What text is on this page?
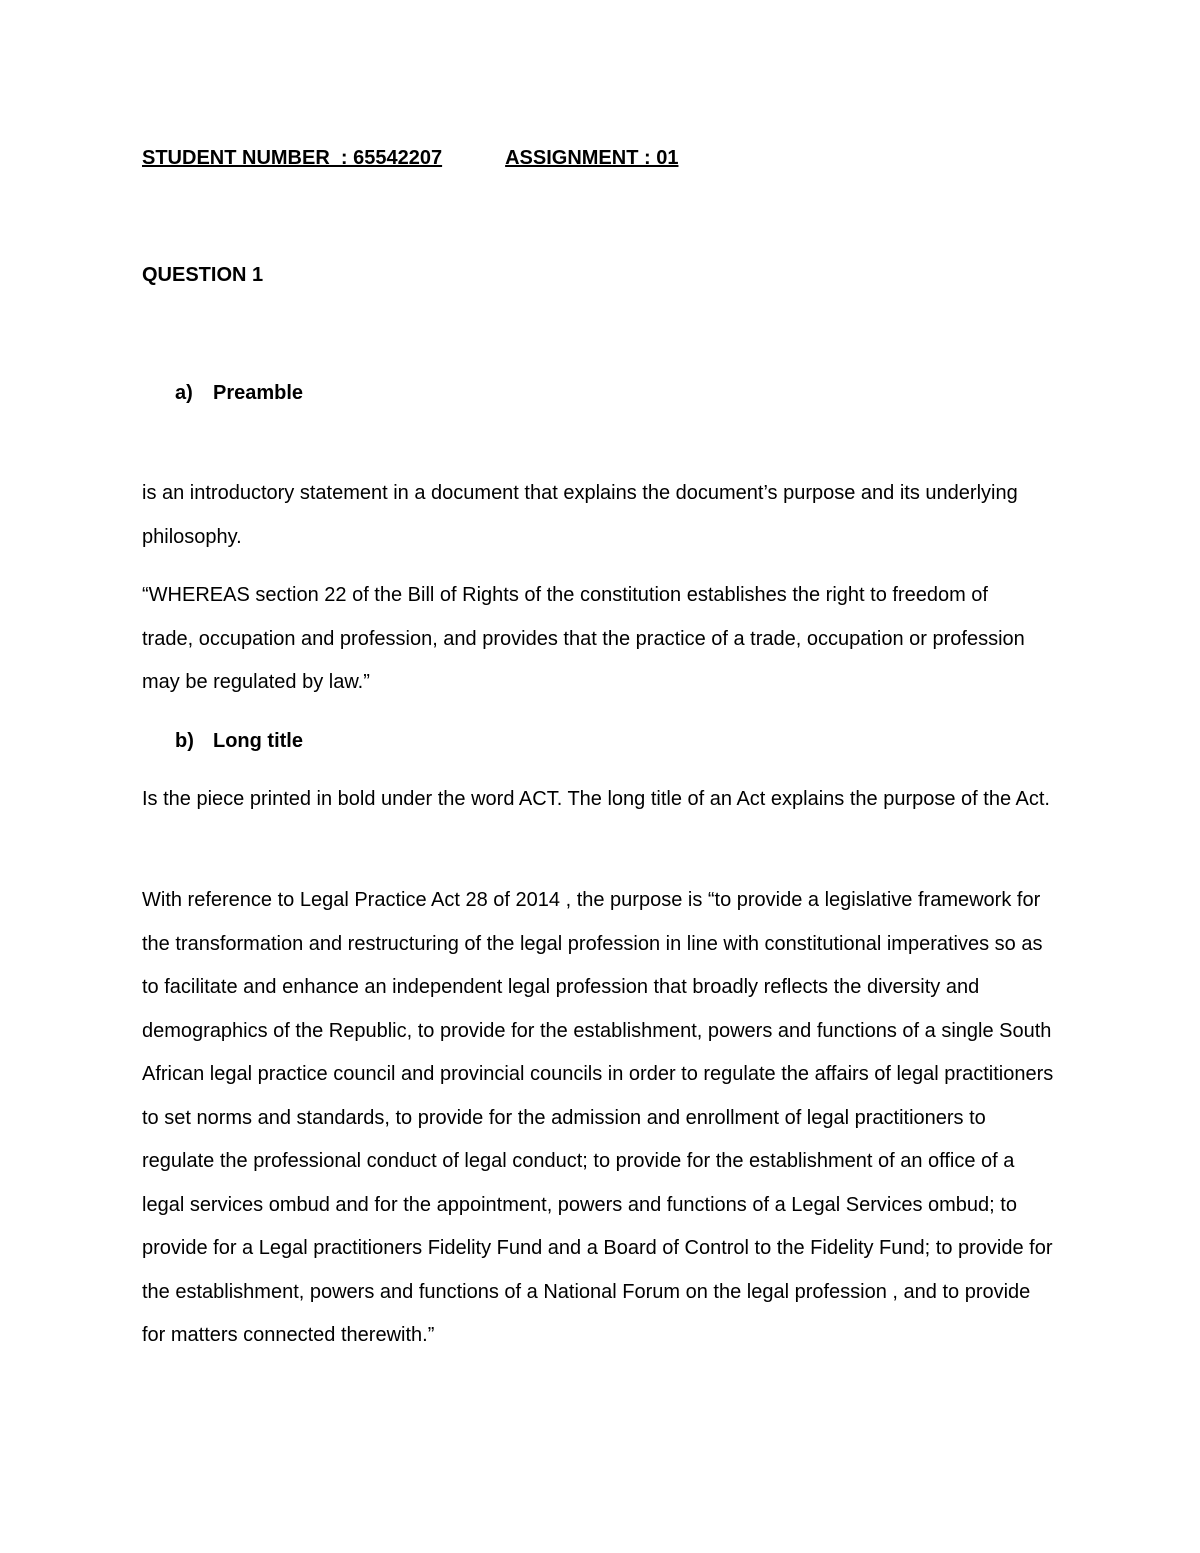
STUDENT NUMBER  : 65542207	ASSIGNMENT : 01
QUESTION 1
a) Preamble

is an introductory statement in a document that explains the document’s purpose and its underlying philosophy.

“WHEREAS section 22 of the Bill of Rights of the constitution establishes the right to freedom of trade, occupation and profession, and provides that the practice of a trade, occupation or profession may be regulated by law.”

b) Long title

Is the piece printed in bold under the word ACT. The long title of an Act explains the purpose of the Act.

With reference to Legal Practice Act 28 of 2014 , the purpose is “to provide a legislative framework for the transformation and restructuring of the legal profession in line with constitutional imperatives so as to facilitate and enhance an independent legal profession that broadly reflects the diversity and demographics of the Republic, to provide for the establishment, powers and functions of a single South African legal practice council and provincial councils in order to regulate the affairs of legal practitioners to set norms and standards, to provide for the admission and enrollment of legal practitioners to regulate the professional conduct of legal conduct; to provide for the establishment of an office of a legal services ombud and for the appointment, powers and functions of a Legal Services ombud; to provide for a Legal practitioners Fidelity Fund and a Board of Control to the Fidelity Fund; to provide for the establishment, powers and functions of a National Forum on the legal profession , and to provide for matters connected therewith.”
